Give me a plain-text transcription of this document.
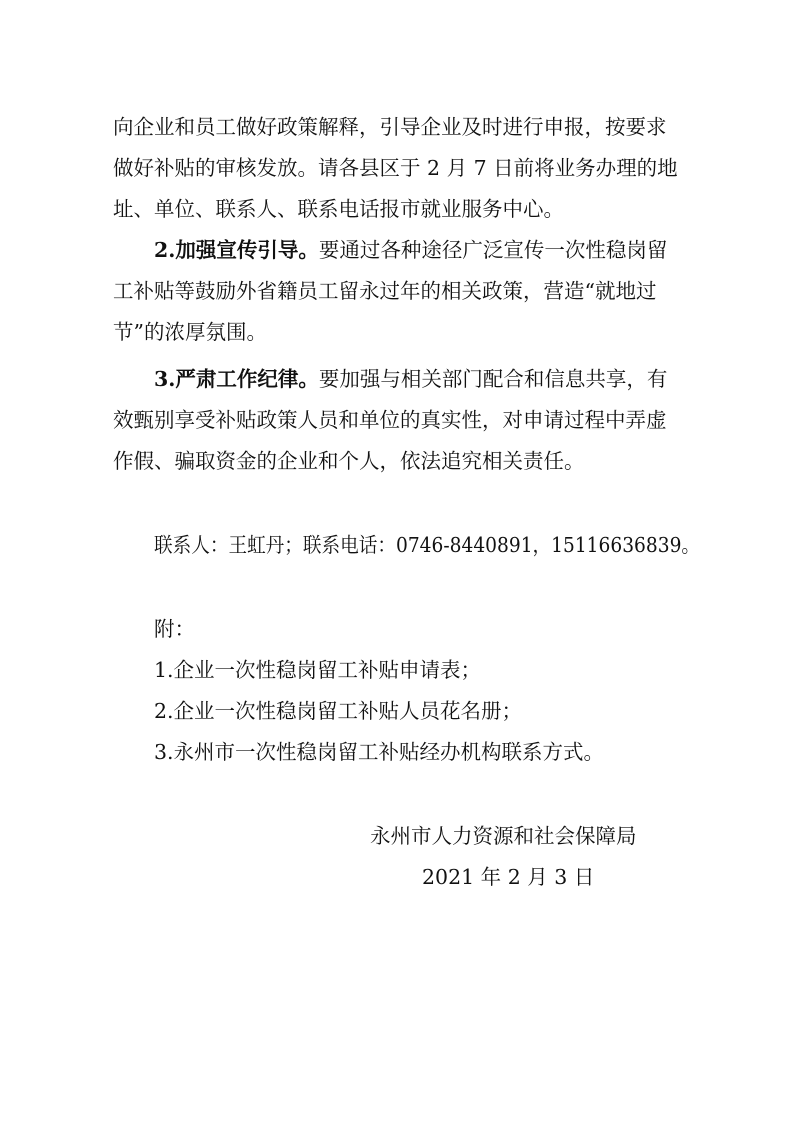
向企业和员工做好政策解释，引导企业及时进行申报，按要求

做好补贴的审核发放。请各县区于 2 月 7 日前将业务办理的地

址、单位、联系人、联系电话报市就业服务中心。

2.加强宣传引导。要通过各种途径广泛宣传一次性稳岗留

工补贴等鼓励外省籍员工留永过年的相关政策，营造“就地过

节”的浓厚氛围。

3.严肃工作纪律。要加强与相关部门配合和信息共享，有

效甄别享受补贴政策人员和单位的真实性，对申请过程中弄虚

作假、骗取资金的企业和个人，依法追究相关责任。

联系人：王虹丹；联系电话：0746-8440891，15116636839。

附：

1.企业一次性稳岗留工补贴申请表；

2.企业一次性稳岗留工补贴人员花名册；

3.永州市一次性稳岗留工补贴经办机构联系方式。

永州市人力资源和社会保障局

2021 年 2 月 3 日
